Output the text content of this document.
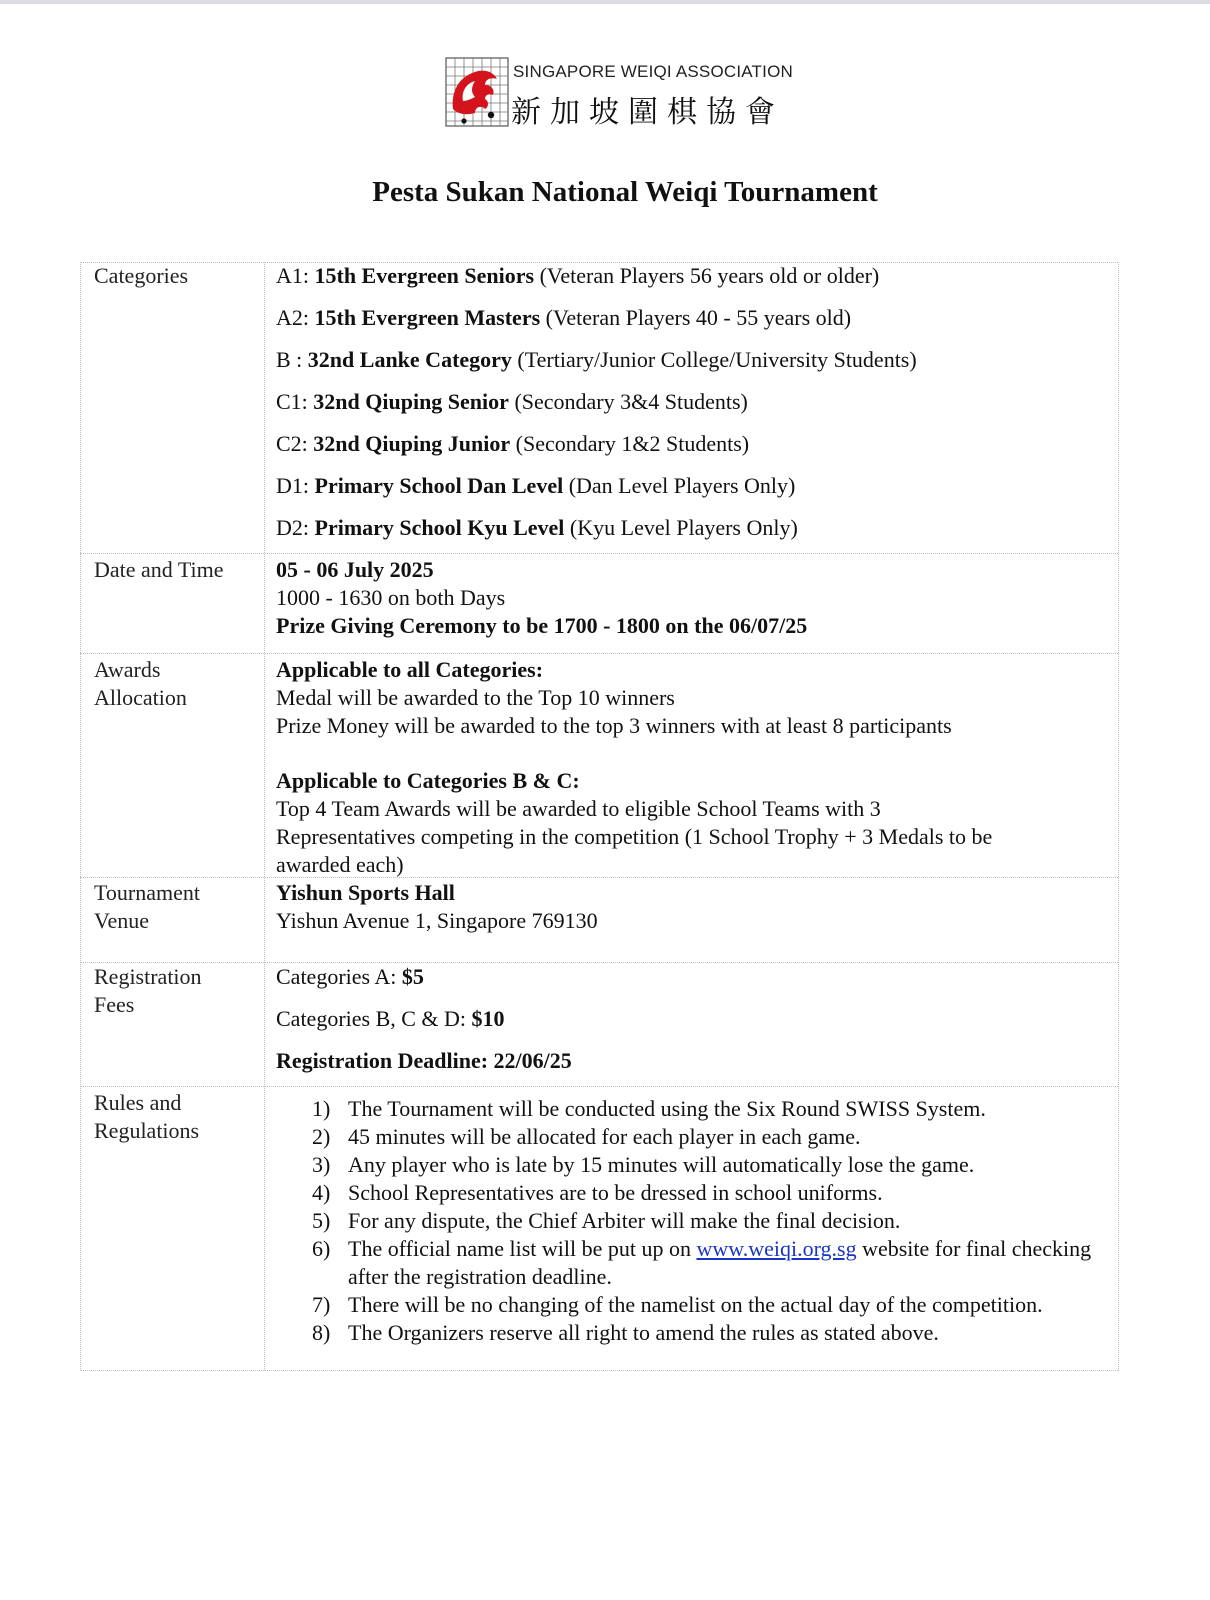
SINGAPORE WEIQI ASSOCIATION
新加坡圍棋協會
Pesta Sukan National Weiqi Tournament
Categories	A1: 15th Evergreen Seniors (Veteran Players 56 years old or older)
A2: 15th Evergreen Masters (Veteran Players 40 - 55 years old)
B : 32nd Lanke Category (Tertiary/Junior College/University Students)
C1: 32nd Qiuping Senior (Secondary 3&4 Students)
C2: 32nd Qiuping Junior (Secondary 1&2 Students)
D1: Primary School Dan Level (Dan Level Players Only)
D2: Primary School Kyu Level (Kyu Level Players Only)
Date and Time 05 - 06 July 2025
1000 - 1630 on both Days
Prize Giving Ceremony to be 1700 - 1800 on the 06/07/25
Awards
Allocation
Applicable to all Categories:
Medal will be awarded to the Top 10 winners
Prize Money will be awarded to the top 3 winners with at least 8 participants
Applicable to Categories B & C:
Top 4 Team Awards will be awarded to eligible School Teams with 3
Representatives competing in the competition (1 School Trophy + 3 Medals to be
awarded each)
Tournament
Venue
Yishun Sports Hall
Yishun Avenue 1, Singapore 769130
Registration
Fees
Categories A: $5
Categories B, C & D: $10
Registration Deadline: 22/06/25
Rules and
Regulations
1) The Tournament will be conducted using the Six Round SWISS System.
2) 45 minutes will be allocated for each player in each game.
3) Any player who is late by 15 minutes will automatically lose the game.
4) School Representatives are to be dressed in school uniforms.
5) For any dispute, the Chief Arbiter will make the final decision.
6) The official name list will be put up on www.weiqi.org.sg website for final checking after the registration deadline.
7) There will be no changing of the namelist on the actual day of the competition.
8) The Organizers reserve all right to amend the rules as stated above.
